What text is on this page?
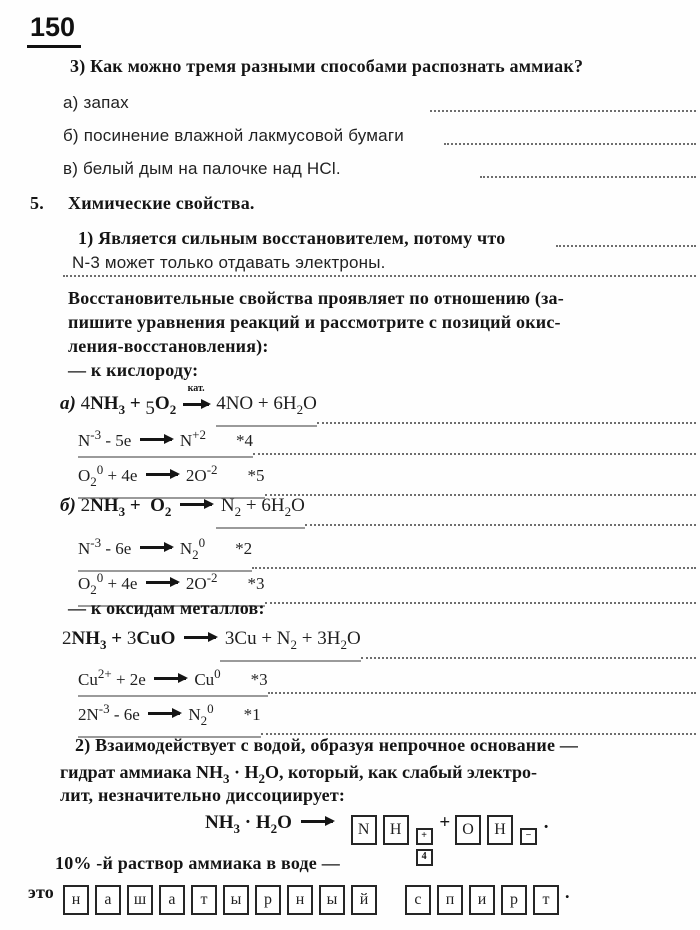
150
3) Как можно тремя разными способами распознать аммиак?
а) запах
б) посинение влажной лакмусовой бумаги
в) белый дым на палочке над HCl.
5. Химические свойства.
1) Является сильным восстановителем, потому что
N-3 может только отдавать электроны.
Восстановительные свойства проявляет по отношению (за-
пишите уравнения реакций и рассмотрите с позиций окис-
ления-восстановления):
— к кислороду:
а) $4NH_3 + 5O_2$
кат.
$4NO + 6H_2O$
$N^{-3} - 5e$  $N^{+2}$ *4
$O_2^0 + 4e$  $2O^{-2}$ *5
б) $2NH_3 + O_2$	$N_2 + 6H_2O$
$N^{-3} - 6e$  $N_2^0$ *2
$O_2^0 + 4e$  $2O^{-2}$ *3
— к оксидам металлов:
$2NH_3 + 3CuO$	$3Cu + N_2 + 3H_2O$
$Cu^{2+} + 2e$  Cu$^0$ *3
$2N^{-3} - 6e$  $N_2^0$ *1
2) Взаимодействует с водой, образуя непрочное основание —
гидрат аммиака $NH_3 \cdot H_2O$, который, как слабый электро-
лит, незначительно диссоциирует:
$NH_3 \cdot H_2O$	N H	+
4
+ O H	−
.
10% -й раствор аммиака в воде —
это н а ш а т ы р н ы й	с п и р т .
